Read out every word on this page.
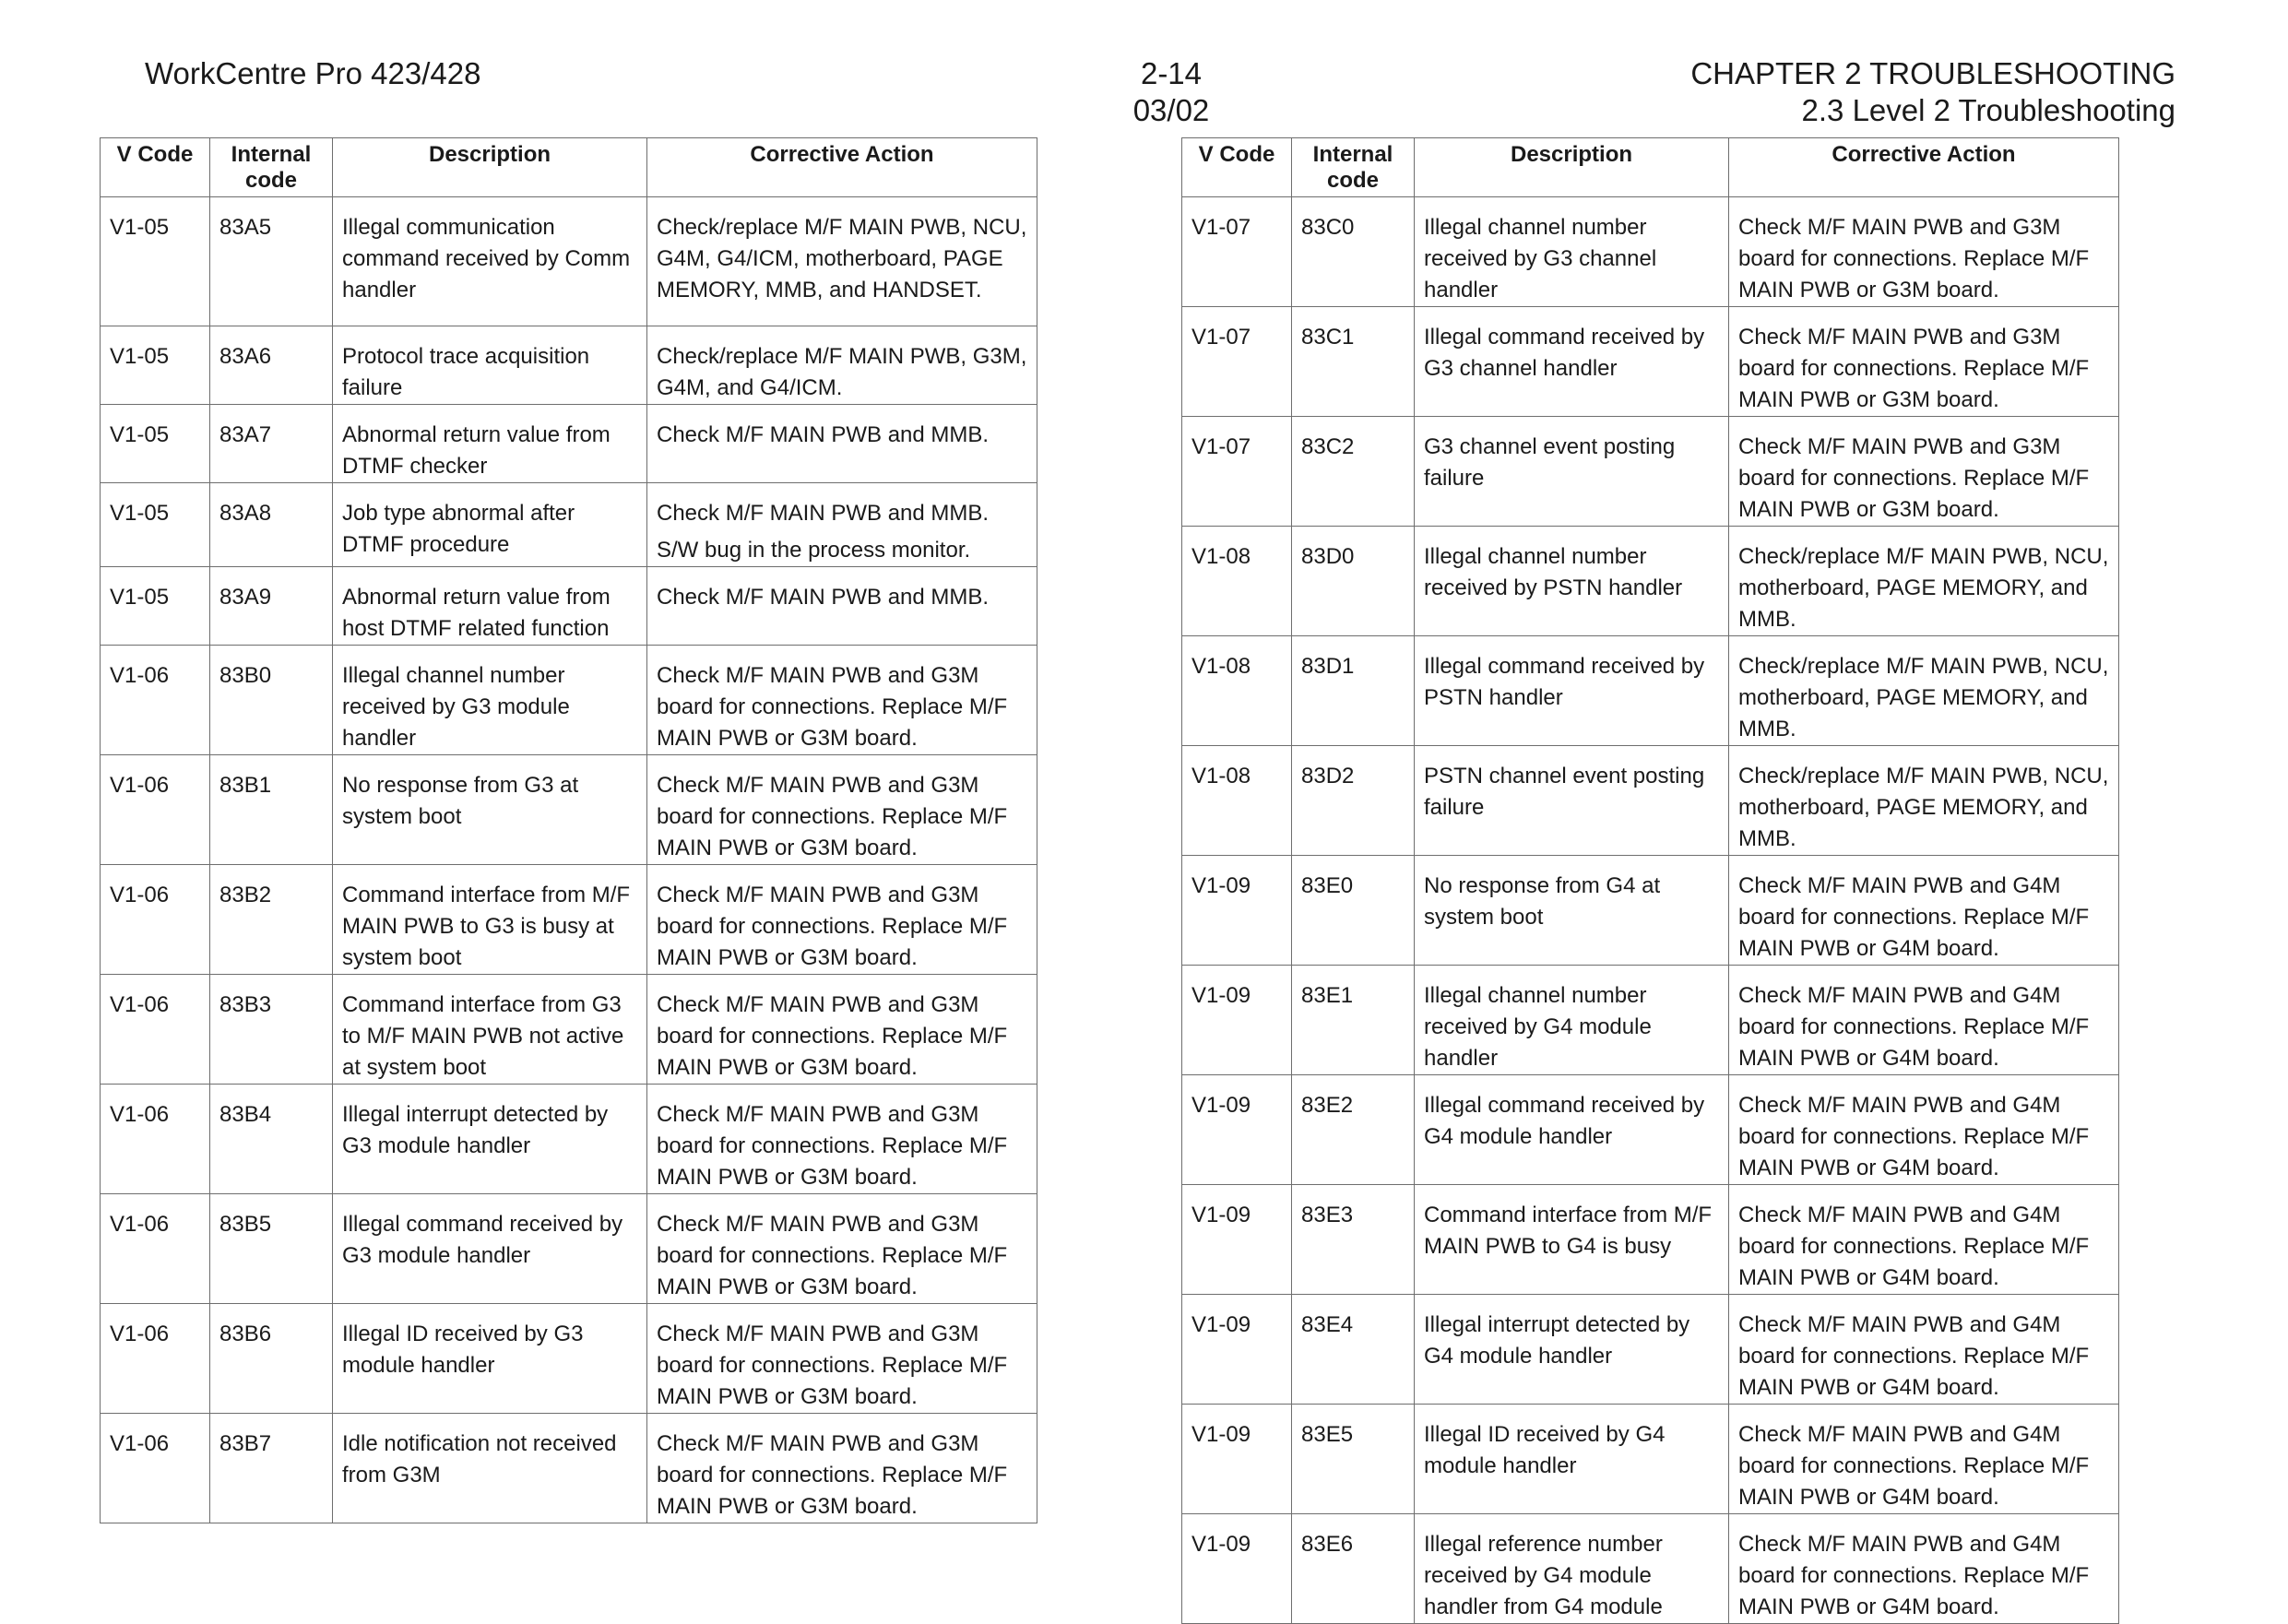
WorkCentre Pro 423/428	2-14
03/02
CHAPTER 2 TROUBLESHOOTING
2.3 Level 2 Troubleshooting
V Code	Internal code	Description	Corrective Action

V1-05	83A5	Illegal communication command received by Comm handler	Check/replace M/F MAIN PWB, NCU, G4M, G4/ICM, motherboard, PAGE MEMORY, MMB, and HANDSET.

V1-05	83A6	Protocol trace acquisition failure	Check/replace M/F MAIN PWB, G3M, G4M, and G4/ICM.

V1-05	83A7	Abnormal return value from DTMF checker	Check M/F MAIN PWB and MMB.

V1-05	83A8	Job type abnormal after DTMF procedure	Check M/F MAIN PWB and MMB.
S/W bug in the process monitor.

V1-05	83A9	Abnormal return value from host DTMF related function	Check M/F MAIN PWB and MMB.

V1-06	83B0	Illegal channel number received by G3 module handler	Check M/F MAIN PWB and G3M board for connections. Replace M/F MAIN PWB or G3M board.

V1-06	83B1	No response from G3 at system boot	Check M/F MAIN PWB and G3M board for connections. Replace M/F MAIN PWB or G3M board.

V1-06	83B2	Command interface from M/F MAIN PWB to G3 is busy at system boot	Check M/F MAIN PWB and G3M board for connections. Replace M/F MAIN PWB or G3M board.

V1-06	83B3	Command interface from G3 to M/F MAIN PWB not active at system boot	Check M/F MAIN PWB and G3M board for connections. Replace M/F MAIN PWB or G3M board.

V1-06	83B4	Illegal interrupt detected by G3 module handler	Check M/F MAIN PWB and G3M board for connections. Replace M/F MAIN PWB or G3M board.

V1-06	83B5	Illegal command received by G3 module handler	Check M/F MAIN PWB and G3M board for connections. Replace M/F MAIN PWB or G3M board.

V1-06	83B6	Illegal ID received by G3 module handler	Check M/F MAIN PWB and G3M board for connections. Replace M/F MAIN PWB or G3M board.

V1-06	83B7	Idle notification not received from G3M	Check M/F MAIN PWB and G3M board for connections. Replace M/F MAIN PWB or G3M board.
V Code	Internal code	Description	Corrective Action

V1-07	83C0	Illegal channel number received by G3 channel handler	Check M/F MAIN PWB and G3M board for connections. Replace M/F MAIN PWB or G3M board.

V1-07	83C1	Illegal command received by G3 channel handler	Check M/F MAIN PWB and G3M board for connections. Replace M/F MAIN PWB or G3M board.

V1-07	83C2	G3 channel event posting failure	Check M/F MAIN PWB and G3M board for connections. Replace M/F MAIN PWB or G3M board.

V1-08	83D0	Illegal channel number received by PSTN handler	Check/replace M/F MAIN PWB, NCU, motherboard, PAGE MEMORY, and MMB.

V1-08	83D1	Illegal command received by PSTN handler	Check/replace M/F MAIN PWB, NCU, motherboard, PAGE MEMORY, and MMB.

V1-08	83D2	PSTN channel event posting failure	Check/replace M/F MAIN PWB, NCU, motherboard, PAGE MEMORY, and MMB.

V1-09	83E0	No response from G4 at system boot	Check M/F MAIN PWB and G4M board for connections. Replace M/F MAIN PWB or G4M board.

V1-09	83E1	Illegal channel number received by G4 module handler	Check M/F MAIN PWB and G4M board for connections. Replace M/F MAIN PWB or G4M board.

V1-09	83E2	Illegal command received by G4 module handler	Check M/F MAIN PWB and G4M board for connections. Replace M/F MAIN PWB or G4M board.

V1-09	83E3	Command interface from M/F MAIN PWB to G4 is busy	Check M/F MAIN PWB and G4M board for connections. Replace M/F MAIN PWB or G4M board.

V1-09	83E4	Illegal interrupt detected by G4 module handler	Check M/F MAIN PWB and G4M board for connections. Replace M/F MAIN PWB or G4M board.

V1-09	83E5	Illegal ID received by G4 module handler	Check M/F MAIN PWB and G4M board for connections. Replace M/F MAIN PWB or G4M board.

V1-09	83E6	Illegal reference number received by G4 module handler from G4 module	Check M/F MAIN PWB and G4M board for connections. Replace M/F MAIN PWB or G4M board.
